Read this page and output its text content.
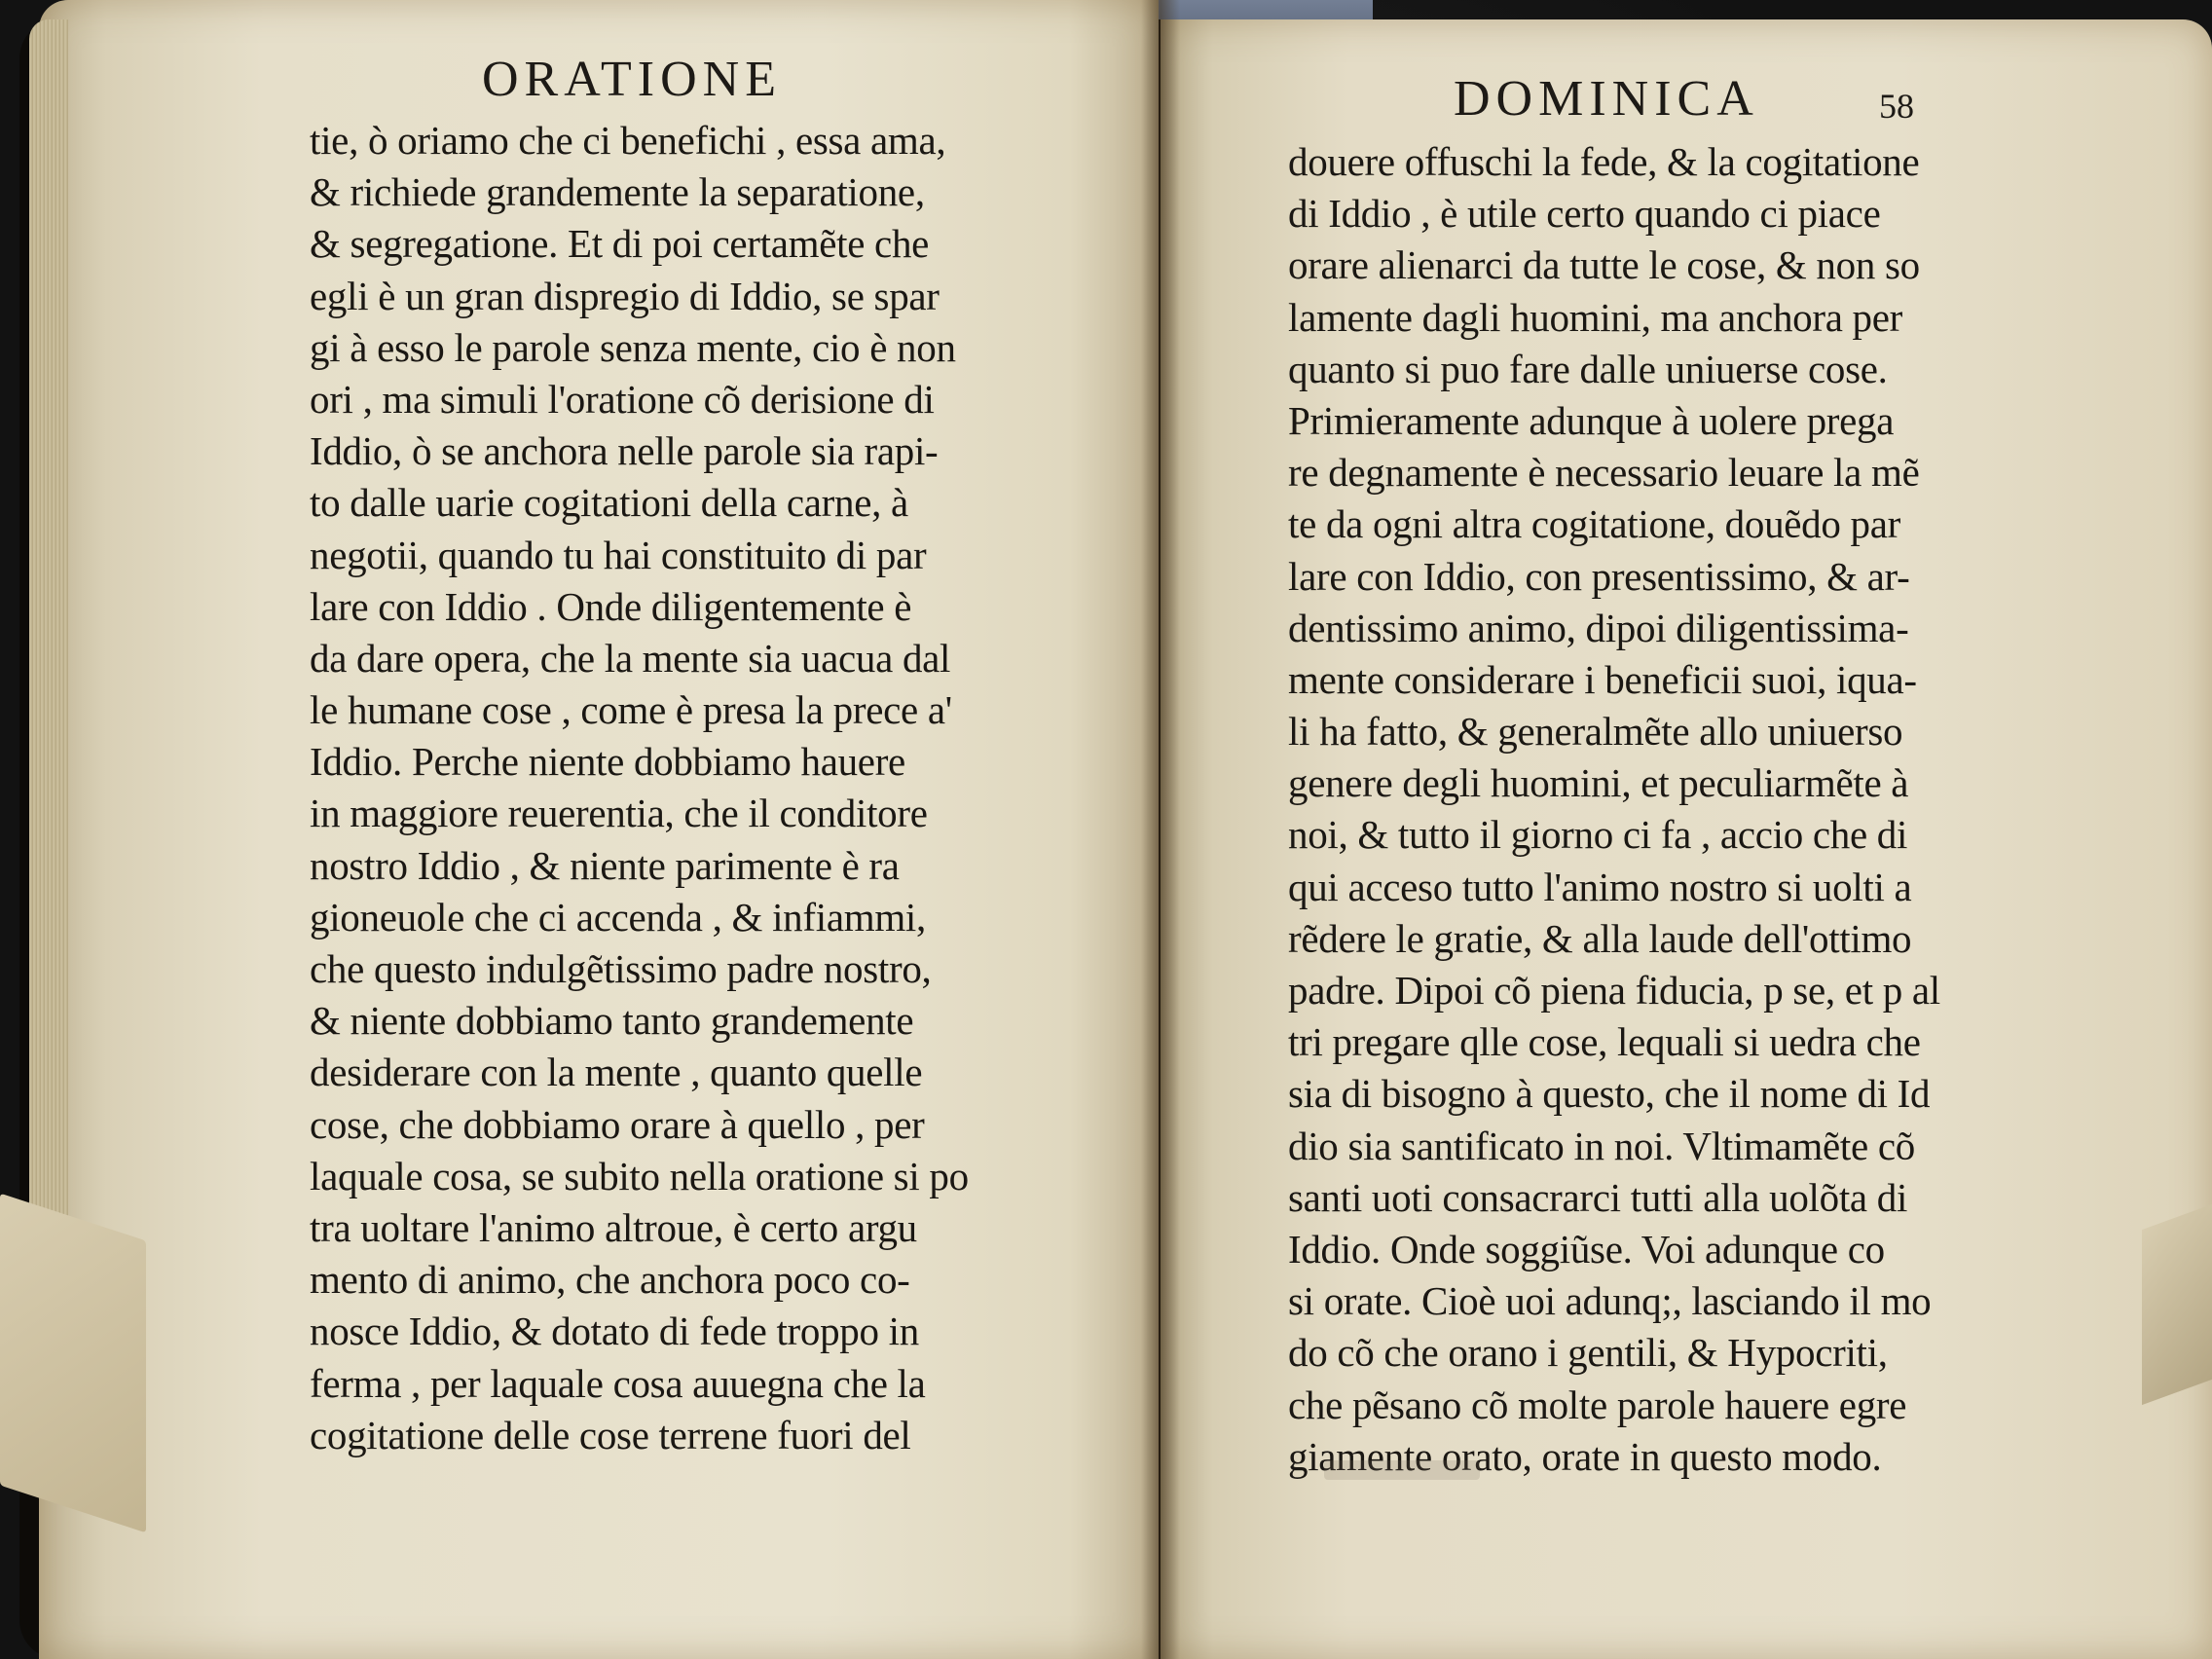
ORATIONE	DOMINICA	58
tie, ò oriamo che ci benefichi , essa ama,
& richiede grandemente la separatione,
& segregatione. Et di poi certamẽte che
egli è un gran dispregio di Iddio, se spar
gi à esso le parole senza mente, cio è non
ori , ma simuli l'oratione cõ derisione di
Iddio, ò se anchora nelle parole sia rapi-
to dalle uarie cogitationi della carne, à
negotii, quando tu hai constituito di par
lare con Iddio . Onde diligentemente è
da dare opera, che la mente sia uacua dal
le humane cose , come è presa la prece a'
Iddio. Perche niente dobbiamo hauere
in maggiore reuerentia, che il conditore
nostro Iddio , & niente parimente è ra
gioneuole che ci accenda , & infiammi,
che questo indulgẽtissimo padre nostro,
& niente dobbiamo tanto grandemente
desiderare con la mente , quanto quelle
cose, che dobbiamo orare à quello , per
laquale cosa, se subito nella oratione si po
tra uoltare l'animo altroue, è certo argu
mento di animo, che anchora poco co-
nosce Iddio, & dotato di fede troppo in
ferma , per laquale cosa auuegna che la
cogitatione delle cose terrene fuori del
douere offuschi la fede, & la cogitatione
di Iddio , è utile certo quando ci piace
orare alienarci da tutte le cose, & non so
lamente dagli huomini, ma anchora per
quanto si puo fare dalle uniuerse cose.
Primieramente adunque à uolere prega
re degnamente è necessario leuare la mẽ
te da ogni altra cogitatione, douẽdo par
lare con Iddio, con presentissimo, & ar-
dentissimo animo, dipoi diligentissima-
mente considerare i beneficii suoi, iqua-
li ha fatto, & generalmẽte allo uniuerso
genere degli huomini, et peculiarmẽte à
noi, & tutto il giorno ci fa , accio che di
qui acceso tutto l'animo nostro si uolti a
rẽdere le gratie, & alla laude dell'ottimo
padre. Dipoi cõ piena fiducia, p se, et p al
tri pregare qlle cose, lequali si uedra che
sia di bisogno à questo, che il nome di Id
dio sia santificato in noi. Vltimamẽte cõ
santi uoti consacrarci tutti alla uolõta di
Iddio. Onde soggiũse. Voi adunque co
si orate. Cioè uoi adunq;, lasciando il mo
do cõ che orano i gentili, & Hypocriti,
che pẽsano cõ molte parole hauere egre
giamente orato, orate in questo modo.
